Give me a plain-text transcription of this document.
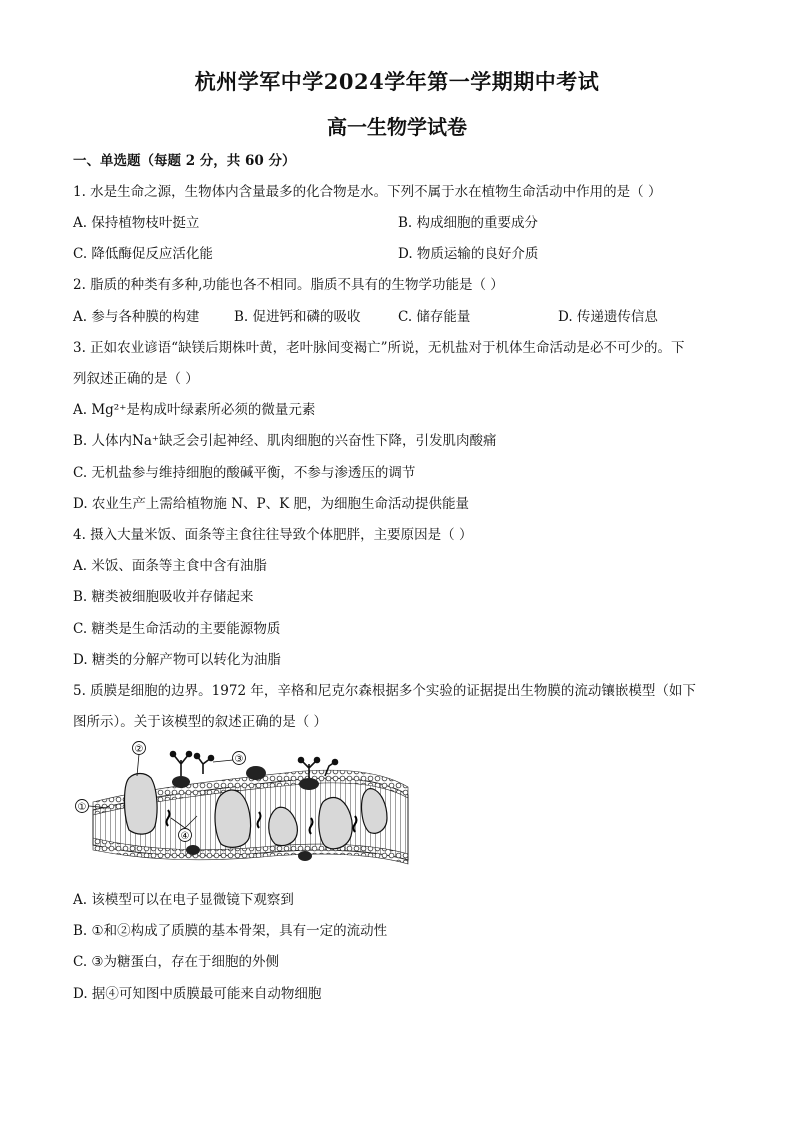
杭州学军中学2024学年第一学期期中考试
高一生物学试卷
一、单选题（每题 2 分，共 60 分）
1. 水是生命之源，生物体内含量最多的化合物是水。下列不属于水在植物生命活动中作用的是（ ）
A. 保持植物枝叶挺立	B. 构成细胞的重要成分
C. 降低酶促反应活化能	D. 物质运输的良好介质
2. 脂质的种类有多种,功能也各不相同。脂质不具有的生物学功能是（ ）
A. 参与各种膜的构建	B. 促进钙和磷的吸收	C. 储存能量	D. 传递遗传信息
3. 正如农业谚语“缺镁后期株叶黄，老叶脉间变褐亡”所说，无机盐对于机体生命活动是必不可少的。下
列叙述正确的是（ ）
A. Mg²⁺是构成叶绿素所必须的微量元素
B. 人体内Na⁺缺乏会引起神经、肌肉细胞的兴奋性下降，引发肌肉酸痛
C. 无机盐参与维持细胞的酸碱平衡，不参与渗透压的调节
D. 农业生产上需给植物施 N、P、K 肥，为细胞生命活动提供能量
4. 摄入大量米饭、面条等主食往往导致个体肥胖，主要原因是（ ）
A. 米饭、面条等主食中含有油脂
B. 糖类被细胞吸收并存储起来
C. 糖类是生命活动的主要能源物质
D. 糖类的分解产物可以转化为油脂
5. 质膜是细胞的边界。1972 年，辛格和尼克尔森根据多个实验的证据提出生物膜的流动镶嵌模型（如下
图所示）。关于该模型的叙述正确的是（ ）
①
②
③
④
A. 该模型可以在电子显微镜下观察到
B. ①和②构成了质膜的基本骨架，具有一定的流动性
C. ③为糖蛋白，存在于细胞的外侧
D. 据④可知图中质膜最可能来自动物细胞
